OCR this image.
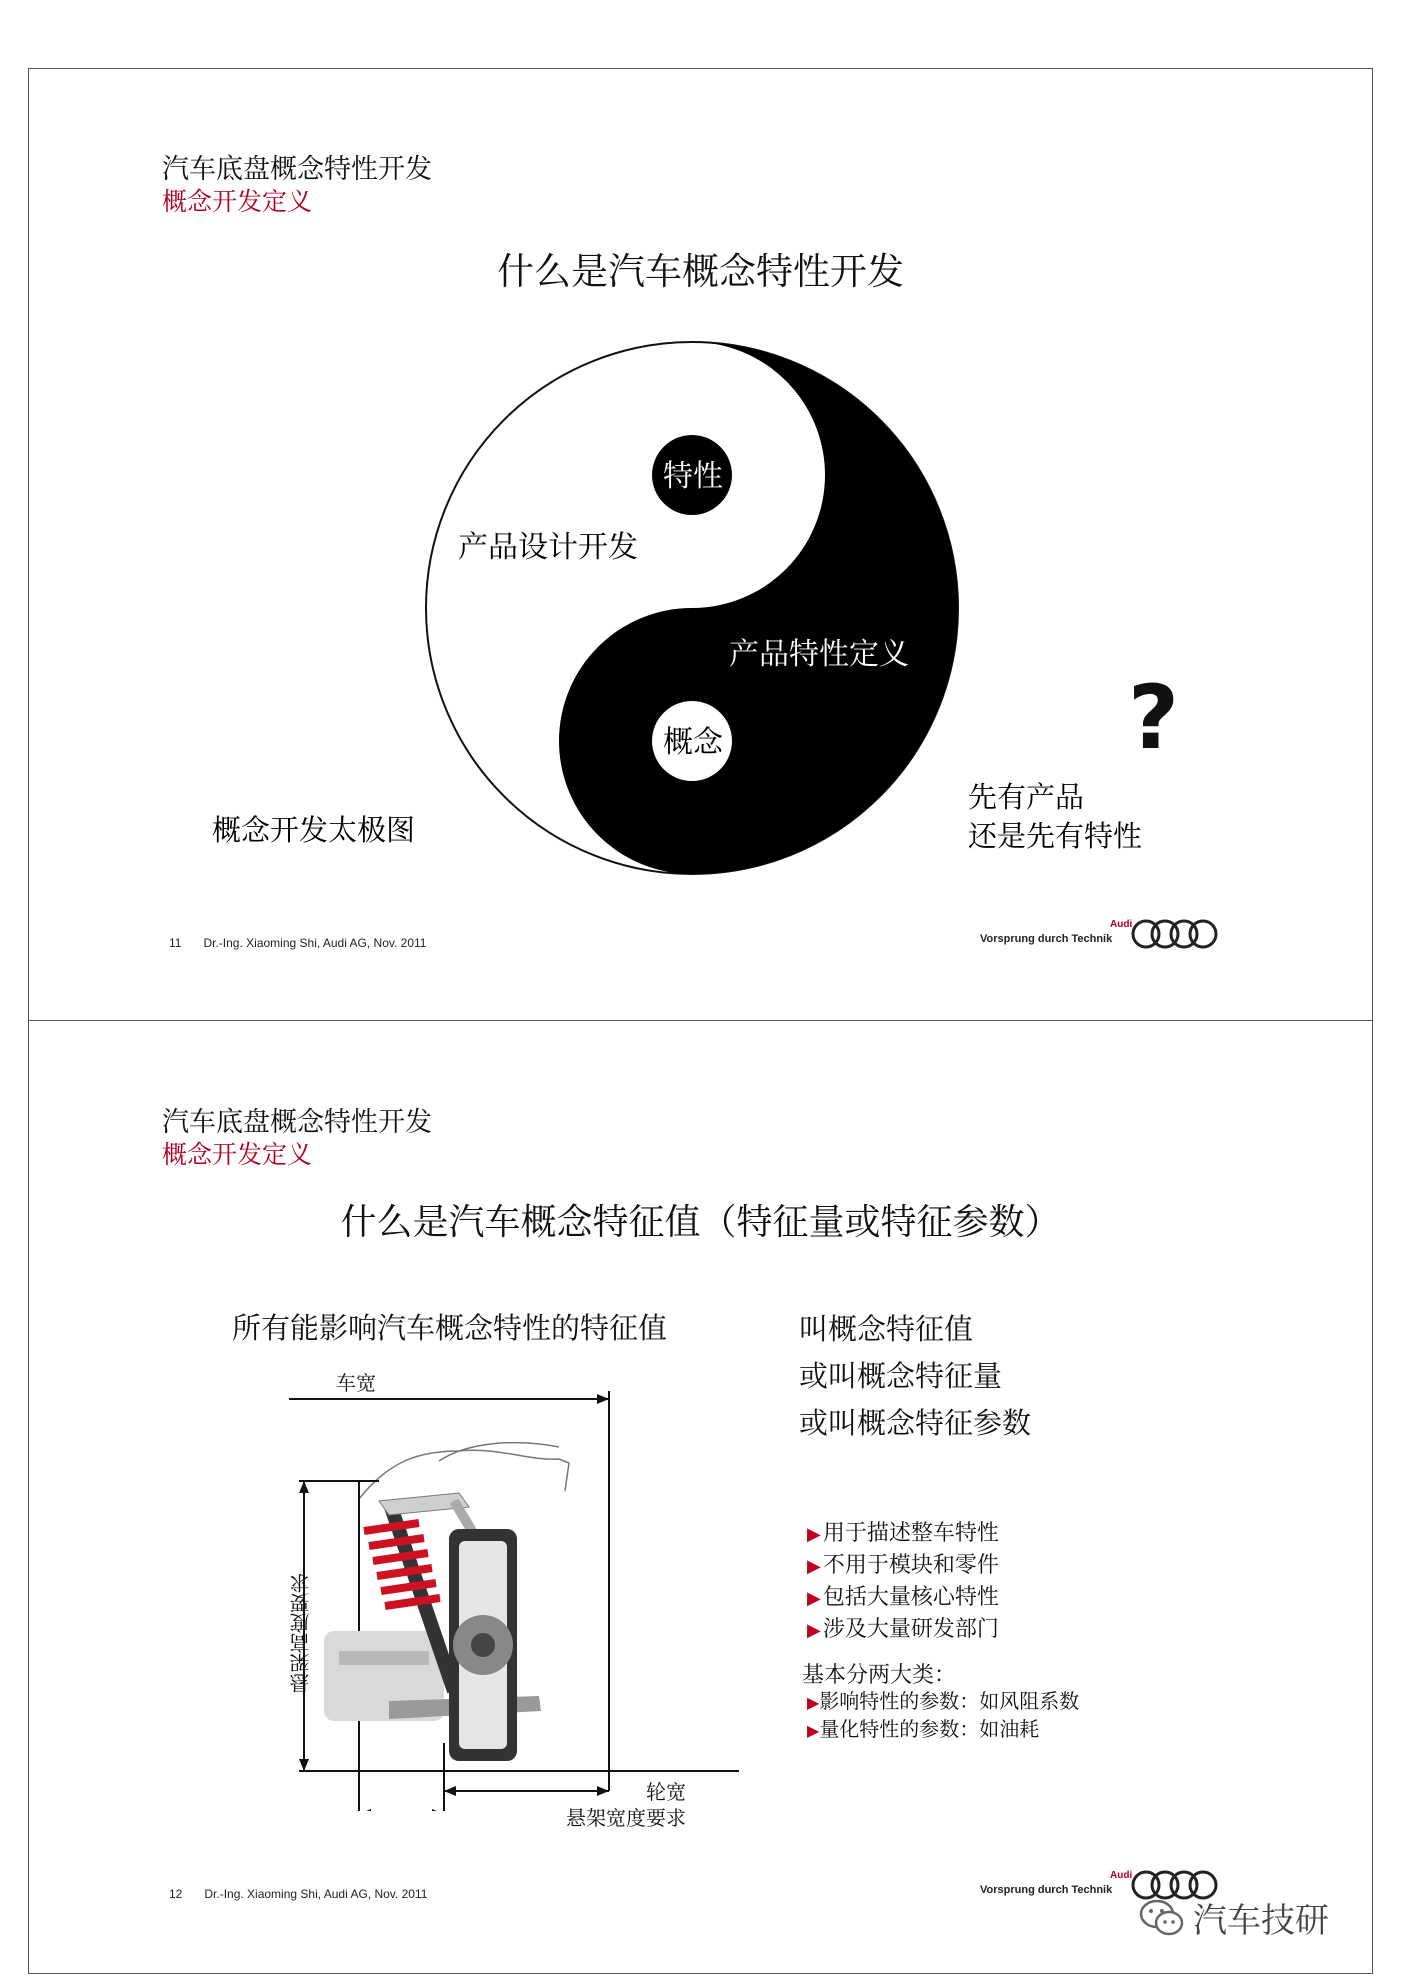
汽车底盘概念特性开发
概念开发定义
什么是汽车概念特性开发
特性
产品设计开发
产品特性定义
概念
概念开发太极图
?
先有产品
还是先有特性
11 Dr.-Ing. Xiaoming Shi, Audi AG, Nov. 2011	Vorsprung durch Technik
Audi
汽车底盘概念特性开发
概念开发定义
什么是汽车概念特征值（特征量或特征参数）
所有能影响汽车概念特性的特征值	叫概念特征值
或叫概念特征量
或叫概念特征参数
车宽
悬架高度要求
轮宽
悬架宽度要求
▶用于描述整车特性
▶不用于模块和零件
▶包括大量核心特性
▶涉及大量研发部门
基本分两大类：
▶影响特性的参数：如风阻系数
▶量化特性的参数：如油耗
12 Dr.-Ing. Xiaoming Shi, Audi AG, Nov. 2011	Vorsprung durch Technik
Audi
汽车技研
